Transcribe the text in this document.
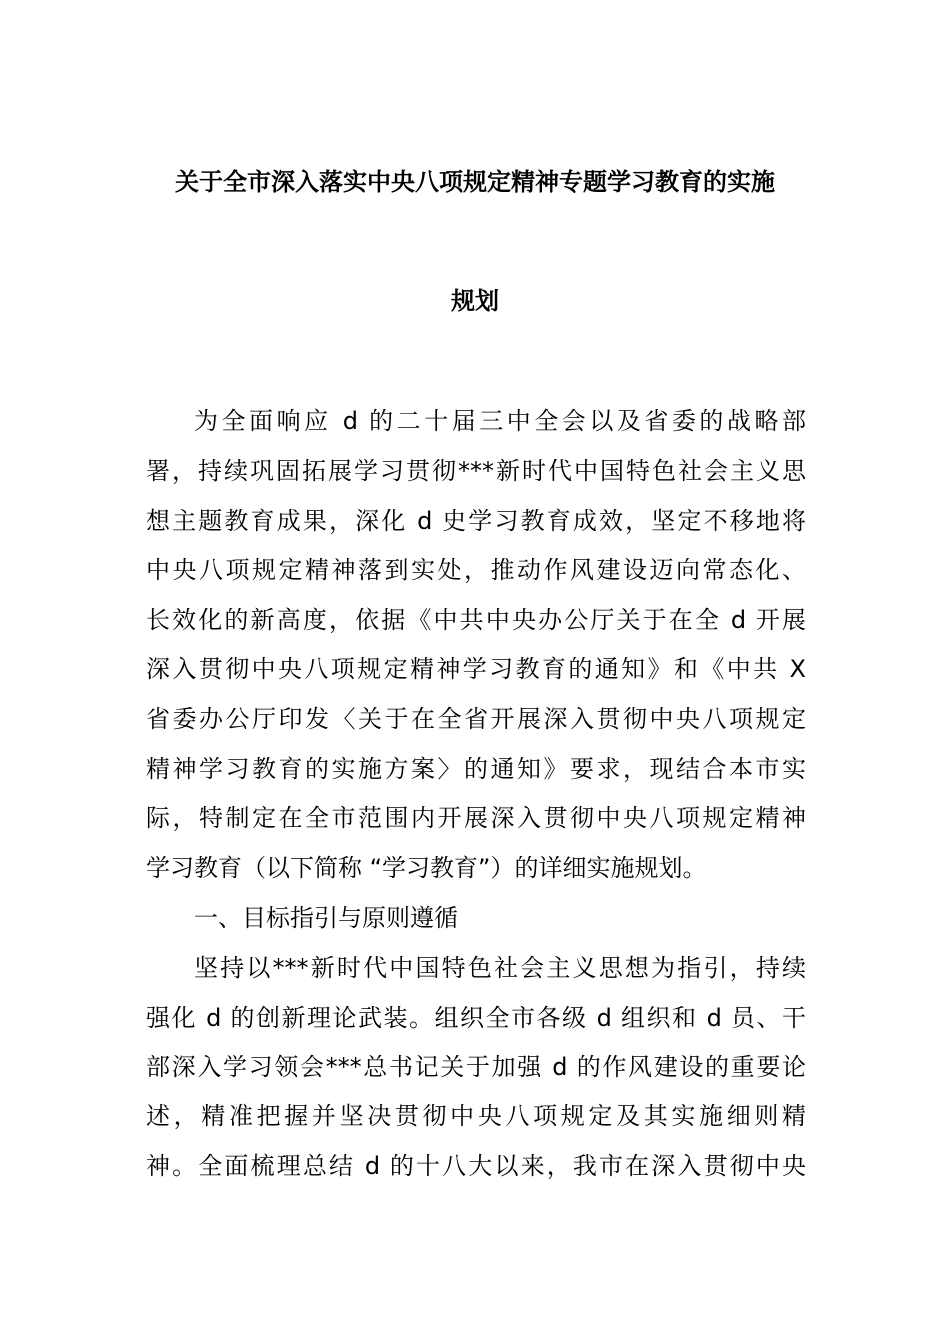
关于全市深入落实中央八项规定精神专题学习教育的实施
规划
为全面响应 d 的二十届三中全会以及省委的战略部
署，持续巩固拓展学习贯彻***新时代中国特色社会主义思
想主题教育成果，深化 d 史学习教育成效，坚定不移地将
中央八项规定精神落到实处，推动作风建设迈向常态化、
长效化的新高度，依据《中共中央办公厅关于在全 d 开展
深入贯彻中央八项规定精神学习教育的通知》和《中共 X
省委办公厅印发〈关于在全省开展深入贯彻中央八项规定
精神学习教育的实施方案〉的通知》要求，现结合本市实
际，特制定在全市范围内开展深入贯彻中央八项规定精神
学习教育（以下简称 “学习教育”）的详细实施规划。
一、目标指引与原则遵循
坚持以***新时代中国特色社会主义思想为指引，持续
强化 d 的创新理论武装。组织全市各级 d 组织和 d 员、干
部深入学习领会***总书记关于加强 d 的作风建设的重要论
述，精准把握并坚决贯彻中央八项规定及其实施细则精
神。全面梳理总结 d 的十八大以来，我市在深入贯彻中央
